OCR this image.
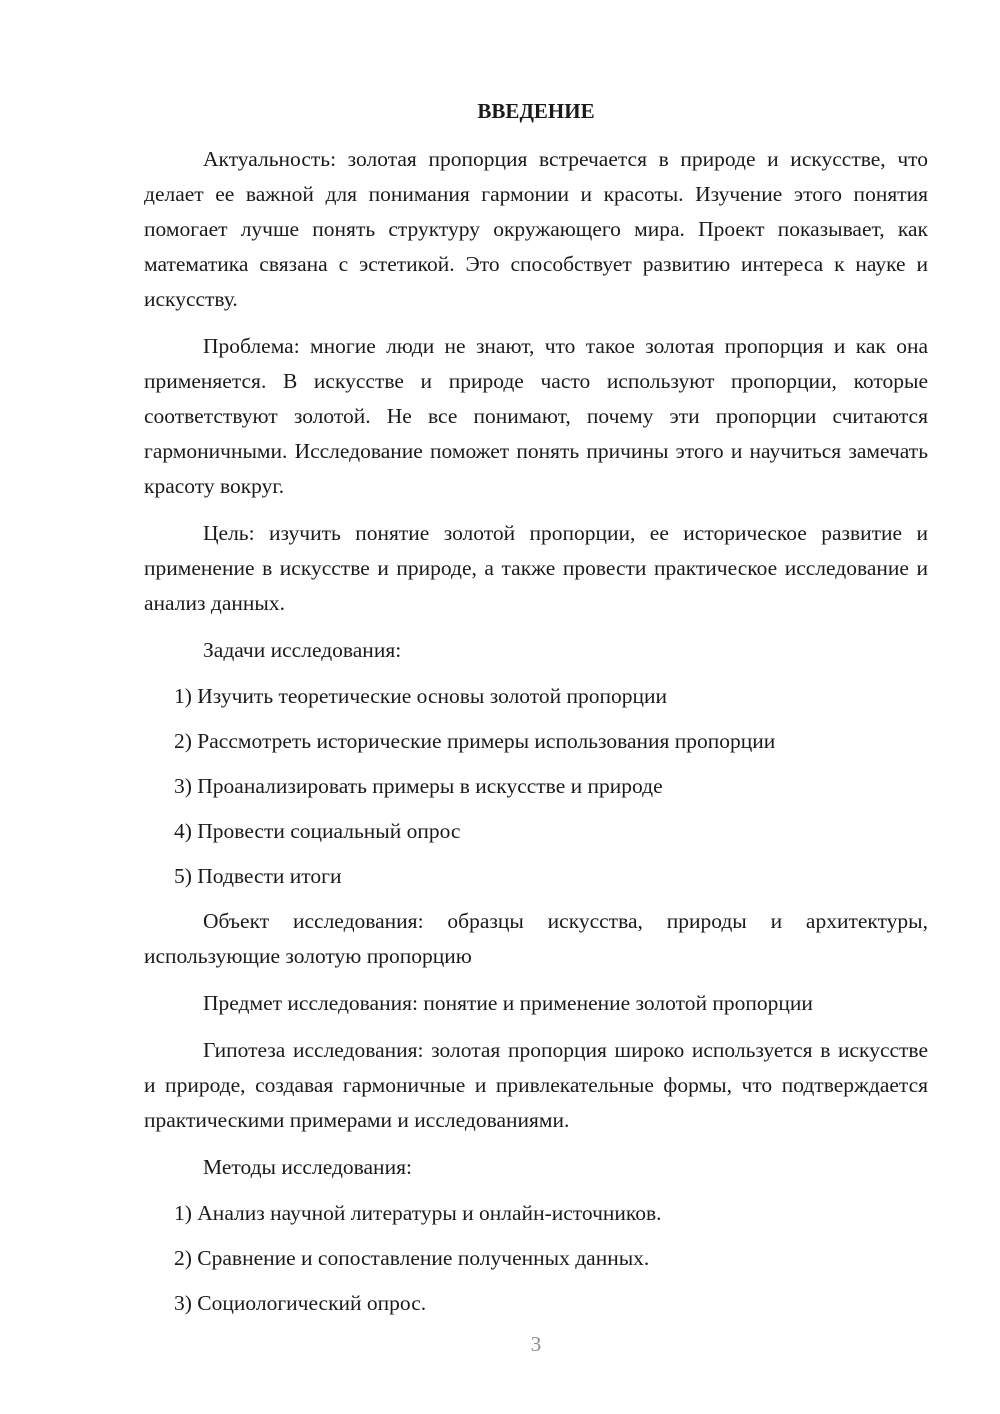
ВВЕДЕНИЕ

Актуальность: золотая пропорция встречается в природе и искусстве, что делает ее важной для понимания гармонии и красоты. Изучение этого понятия помогает лучше понять структуру окружающего мира. Проект показывает, как математика связана с эстетикой. Это способствует развитию интереса к науке и искусству.

Проблема: многие люди не знают, что такое золотая пропорция и как она применяется. В искусстве и природе часто используют пропорции, которые соответствуют золотой. Не все понимают, почему эти пропорции считаются гармоничными. Исследование поможет понять причины этого и научиться замечать красоту вокруг.

Цель: изучить понятие золотой пропорции, ее историческое развитие и применение в искусстве и природе, а также провести практическое исследование и анализ данных.

Задачи исследования:

1) Изучить теоретические основы золотой пропорции

2) Рассмотреть исторические примеры использования пропорции

3) Проанализировать примеры в искусстве и природе

4) Провести социальный опрос

5) Подвести итоги

Объект исследования: образцы искусства, природы и архитектуры, использующие золотую пропорцию

Предмет исследования: понятие и применение золотой пропорции

Гипотеза исследования: золотая пропорция широко используется в искусстве и природе, создавая гармоничные и привлекательные формы, что подтверждается практическими примерами и исследованиями.

Методы исследования:

1) Анализ научной литературы и онлайн-источников.

2) Сравнение и сопоставление полученных данных.

3) Социологический опрос.

3
